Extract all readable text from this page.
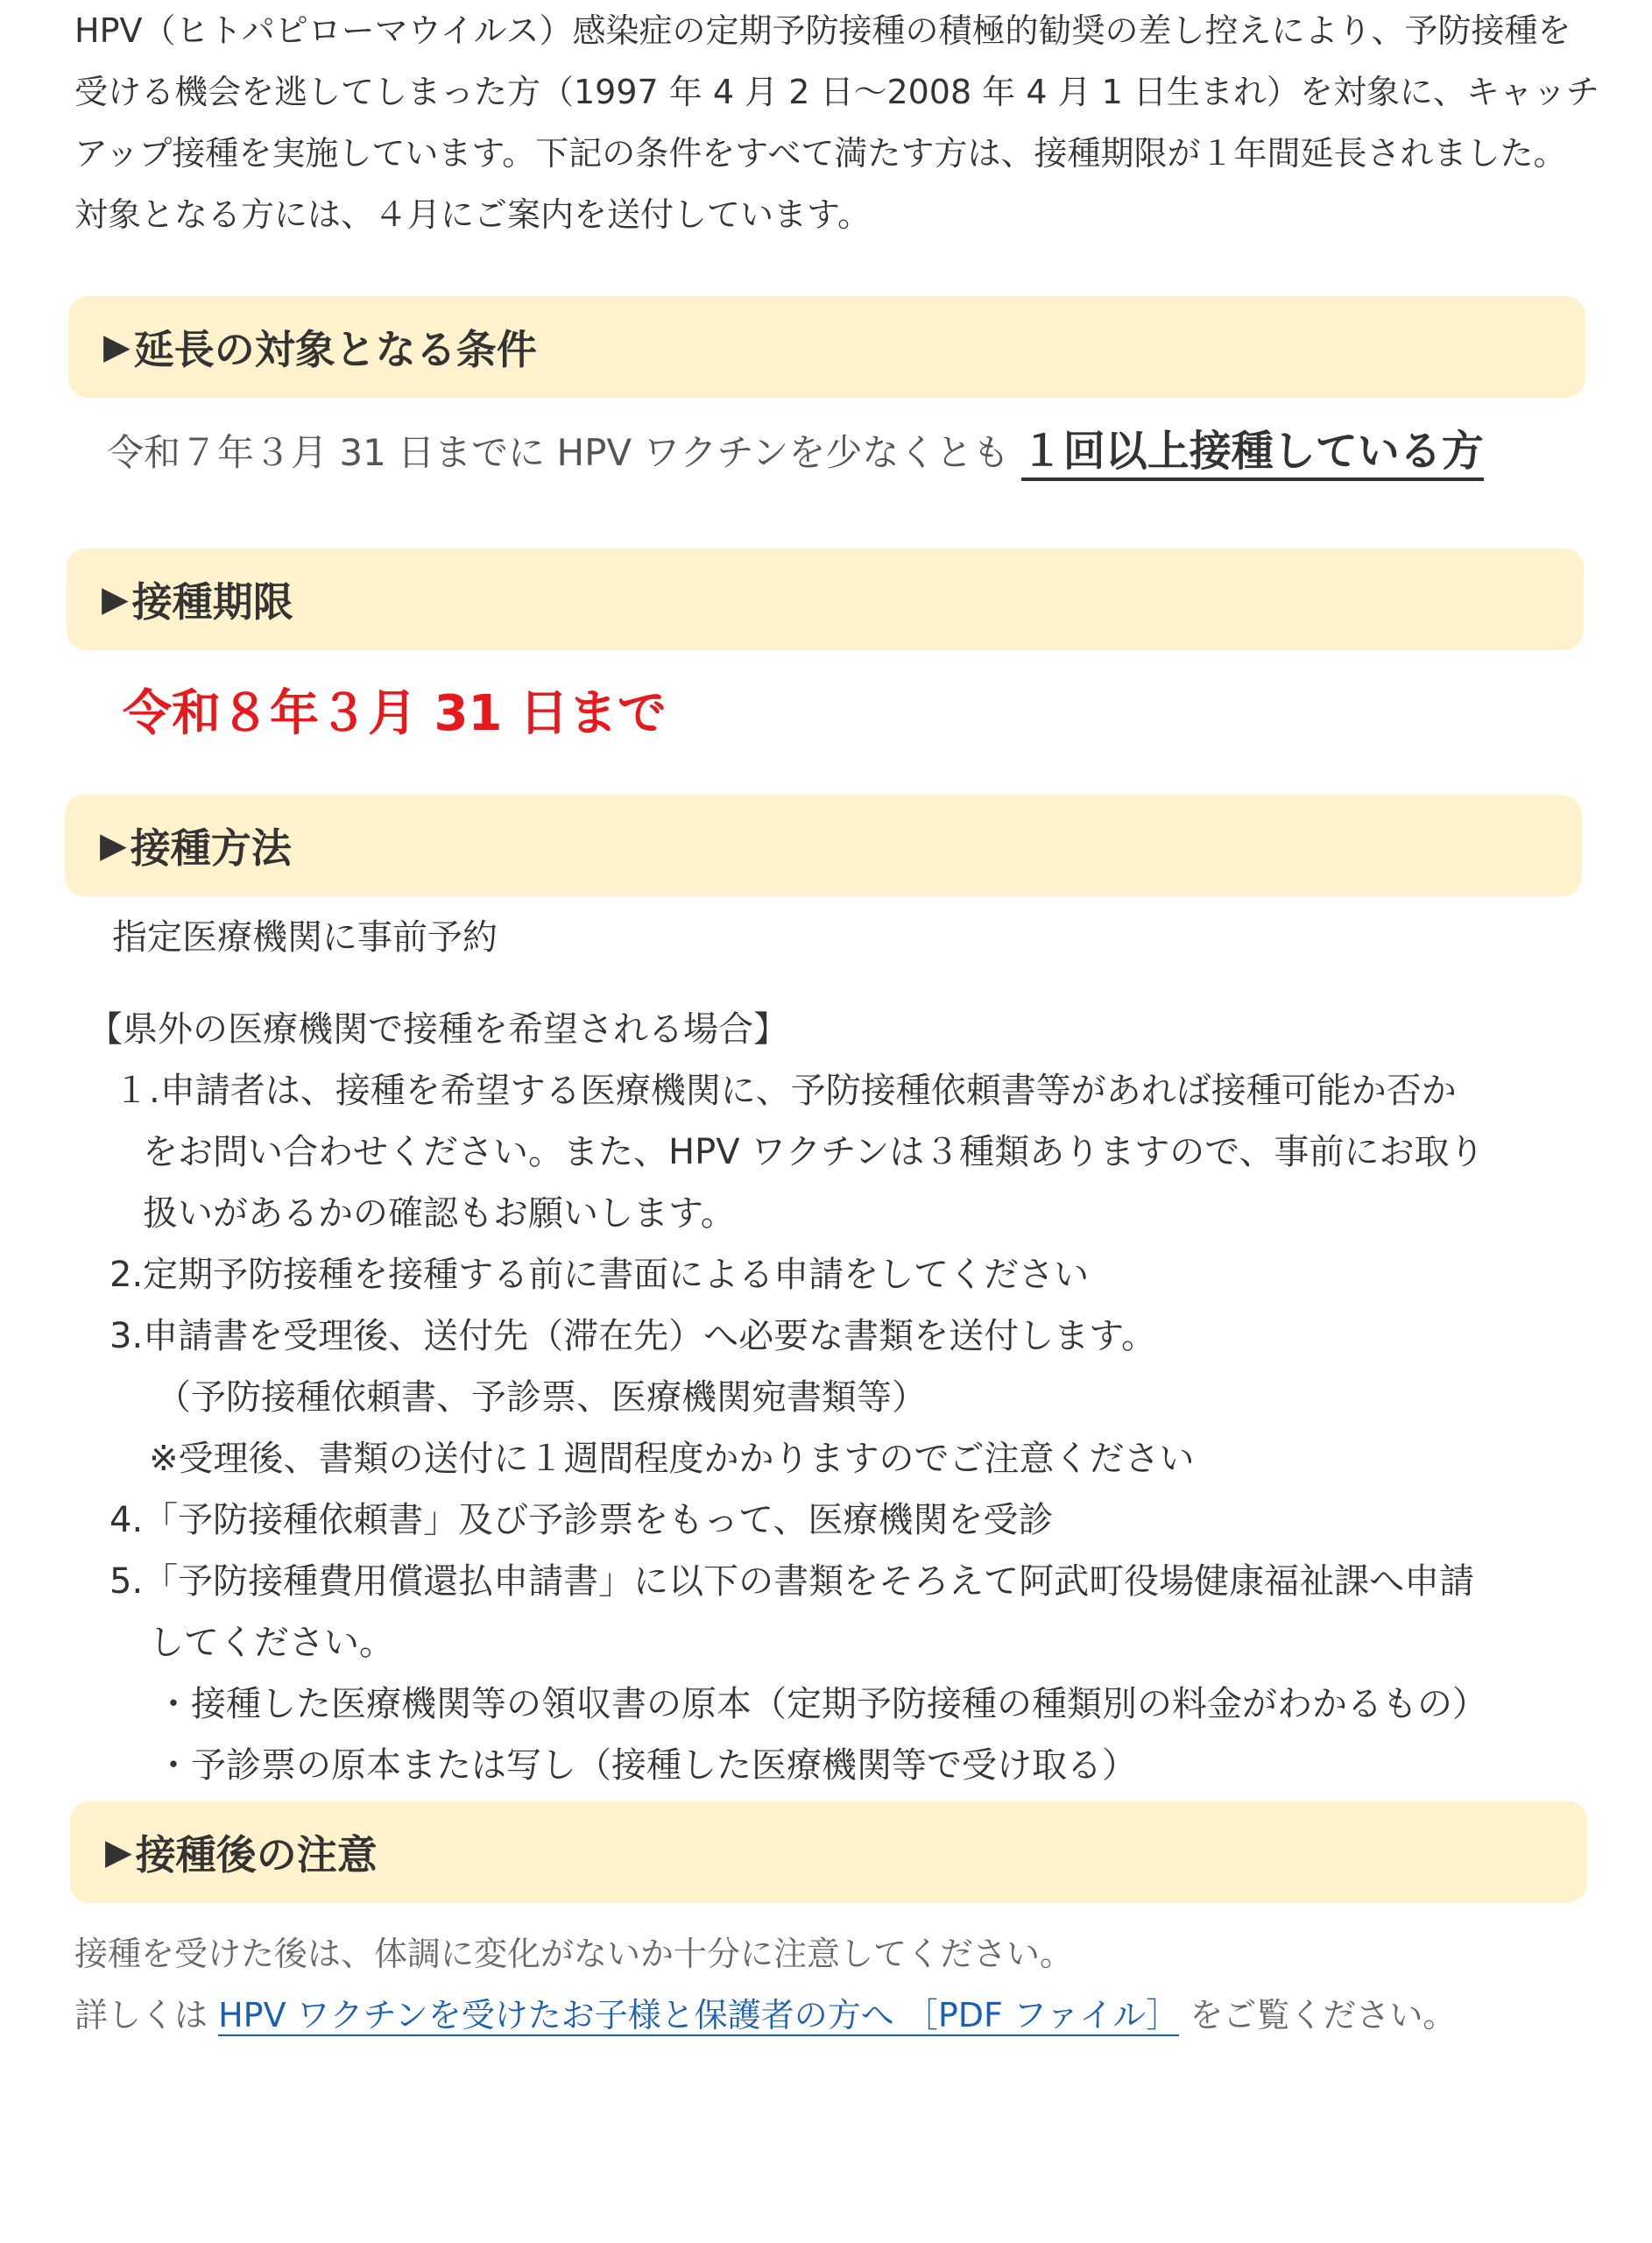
HPV（ヒトパピローマウイルス）感染症の定期予防接種の積極的勧奨の差し控えにより、予防接種を
受ける機会を逃してしまった方（1997 年 4 月 2 日～2008 年 4 月 1 日生まれ）を対象に、キャッチ
アップ接種を実施しています。下記の条件をすべて満たす方は、接種期限が１年間延長されました。
対象となる方には、４月にご案内を送付しています。
▶ 延長の対象となる条件
令和７年３月 31 日までに HPV ワクチンを少なくとも １回以上接種している方
▶ 接種期限
令和８年３月 31 日まで
▶ 接種方法
指定医療機関に事前予約
【県外の医療機関で接種を希望される場合】
１.申請者は、接種を希望する医療機関に、予防接種依頼書等があれば接種可能か否か
をお問い合わせください。また、HPV ワクチンは３種類ありますので、事前にお取り
扱いがあるかの確認もお願いします。
2.定期予防接種を接種する前に書面による申請をしてください
3.申請書を受理後、送付先（滞在先）へ必要な書類を送付します。
（予防接種依頼書、予診票、医療機関宛書類等）
※受理後、書類の送付に１週間程度かかりますのでご注意ください
4.「予防接種依頼書」及び予診票をもって、医療機関を受診
5.「予防接種費用償還払申請書」に以下の書類をそろえて阿武町役場健康福祉課へ申請
してください。
・接種した医療機関等の領収書の原本（定期予防接種の種類別の料金がわかるもの）
・予診票の原本または写し（接種した医療機関等で受け取る）
▶ 接種後の注意
接種を受けた後は、体調に変化がないか十分に注意してください。
詳しくは HPV ワクチンを受けたお子様と保護者の方へ ［PDF ファイル］ をご覧ください。
